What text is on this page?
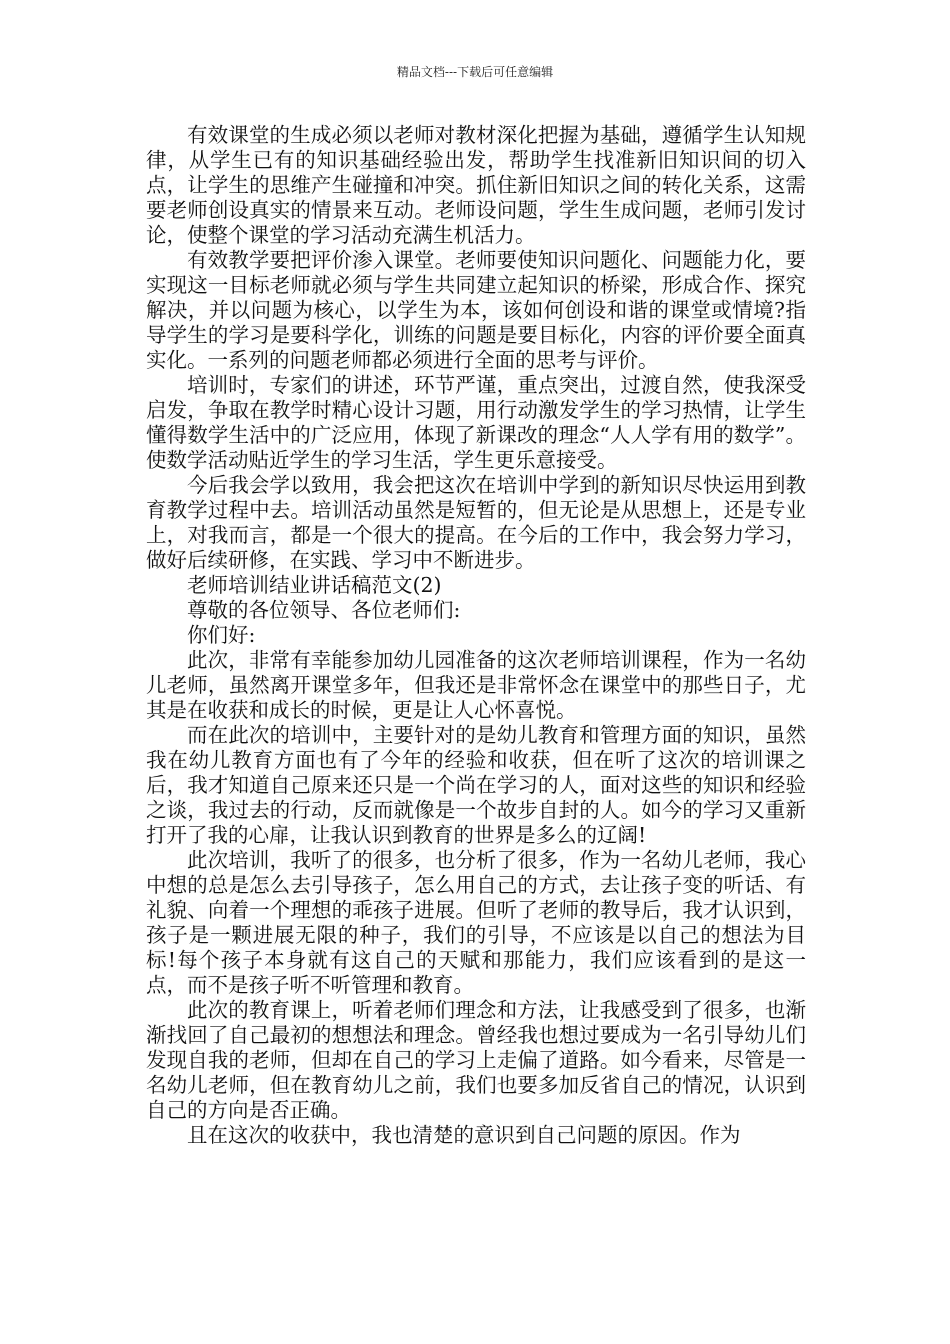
精品文档---下载后可任意编辑

有效课堂的生成必须以老师对教材深化把握为基础，遵循学生认知规律，从学生已有的知识基础经验出发，帮助学生找准新旧知识间的切入点，让学生的思维产生碰撞和冲突。抓住新旧知识之间的转化关系，这需要老师创设真实的情景来互动。老师设问题，学生生成问题，老师引发讨论，使整个课堂的学习活动充满生机活力。

有效教学要把评价渗入课堂。老师要使知识问题化、问题能力化，要实现这一目标老师就必须与学生共同建立起知识的桥梁，形成合作、探究解决，并以问题为核心，以学生为本，该如何创设和谐的课堂或情境?指导学生的学习是要科学化，训练的问题是要目标化，内容的评价要全面真实化。一系列的问题老师都必须进行全面的思考与评价。

培训时，专家们的讲述，环节严谨，重点突出，过渡自然，使我深受启发，争取在教学时精心设计习题，用行动激发学生的学习热情，让学生懂得数学生活中的广泛应用，体现了新课改的理念“人人学有用的数学”。使数学活动贴近学生的学习生活，学生更乐意接受。

今后我会学以致用，我会把这次在培训中学到的新知识尽快运用到教育教学过程中去。培训活动虽然是短暂的，但无论是从思想上，还是专业上，对我而言，都是一个很大的提高。在今后的工作中，我会努力学习，做好后续研修，在实践、学习中不断进步。

老师培训结业讲话稿范文(2)

尊敬的各位领导、各位老师们:

你们好:

此次，非常有幸能参加幼儿园准备的这次老师培训课程，作为一名幼儿老师，虽然离开课堂多年，但我还是非常怀念在课堂中的那些日子，尤其是在收获和成长的时候，更是让人心怀喜悦。

而在此次的培训中，主要针对的是幼儿教育和管理方面的知识，虽然我在幼儿教育方面也有了今年的经验和收获，但在听了这次的培训课之后，我才知道自己原来还只是一个尚在学习的人，面对这些的知识和经验之谈，我过去的行动，反而就像是一个故步自封的人。如今的学习又重新打开了我的心扉，让我认识到教育的世界是多么的辽阔!

此次培训，我听了的很多，也分析了很多，作为一名幼儿老师，我心中想的总是怎么去引导孩子，怎么用自己的方式，去让孩子变的听话、有礼貌、向着一个理想的乖孩子进展。但听了老师的教导后，我才认识到，孩子是一颗进展无限的种子，我们的引导，不应该是以自己的想法为目标!每个孩子本身就有这自己的天赋和那能力，我们应该看到的是这一点，而不是孩子听不听管理和教育。

此次的教育课上，听着老师们理念和方法，让我感受到了很多，也渐渐找回了自己最初的想想法和理念。曾经我也想过要成为一名引导幼儿们发现自我的老师，但却在自己的学习上走偏了道路。如今看来，尽管是一名幼儿老师，但在教育幼儿之前，我们也要多加反省自己的情况，认识到自己的方向是否正确。

且在这次的收获中，我也清楚的意识到自己问题的原因。作为
